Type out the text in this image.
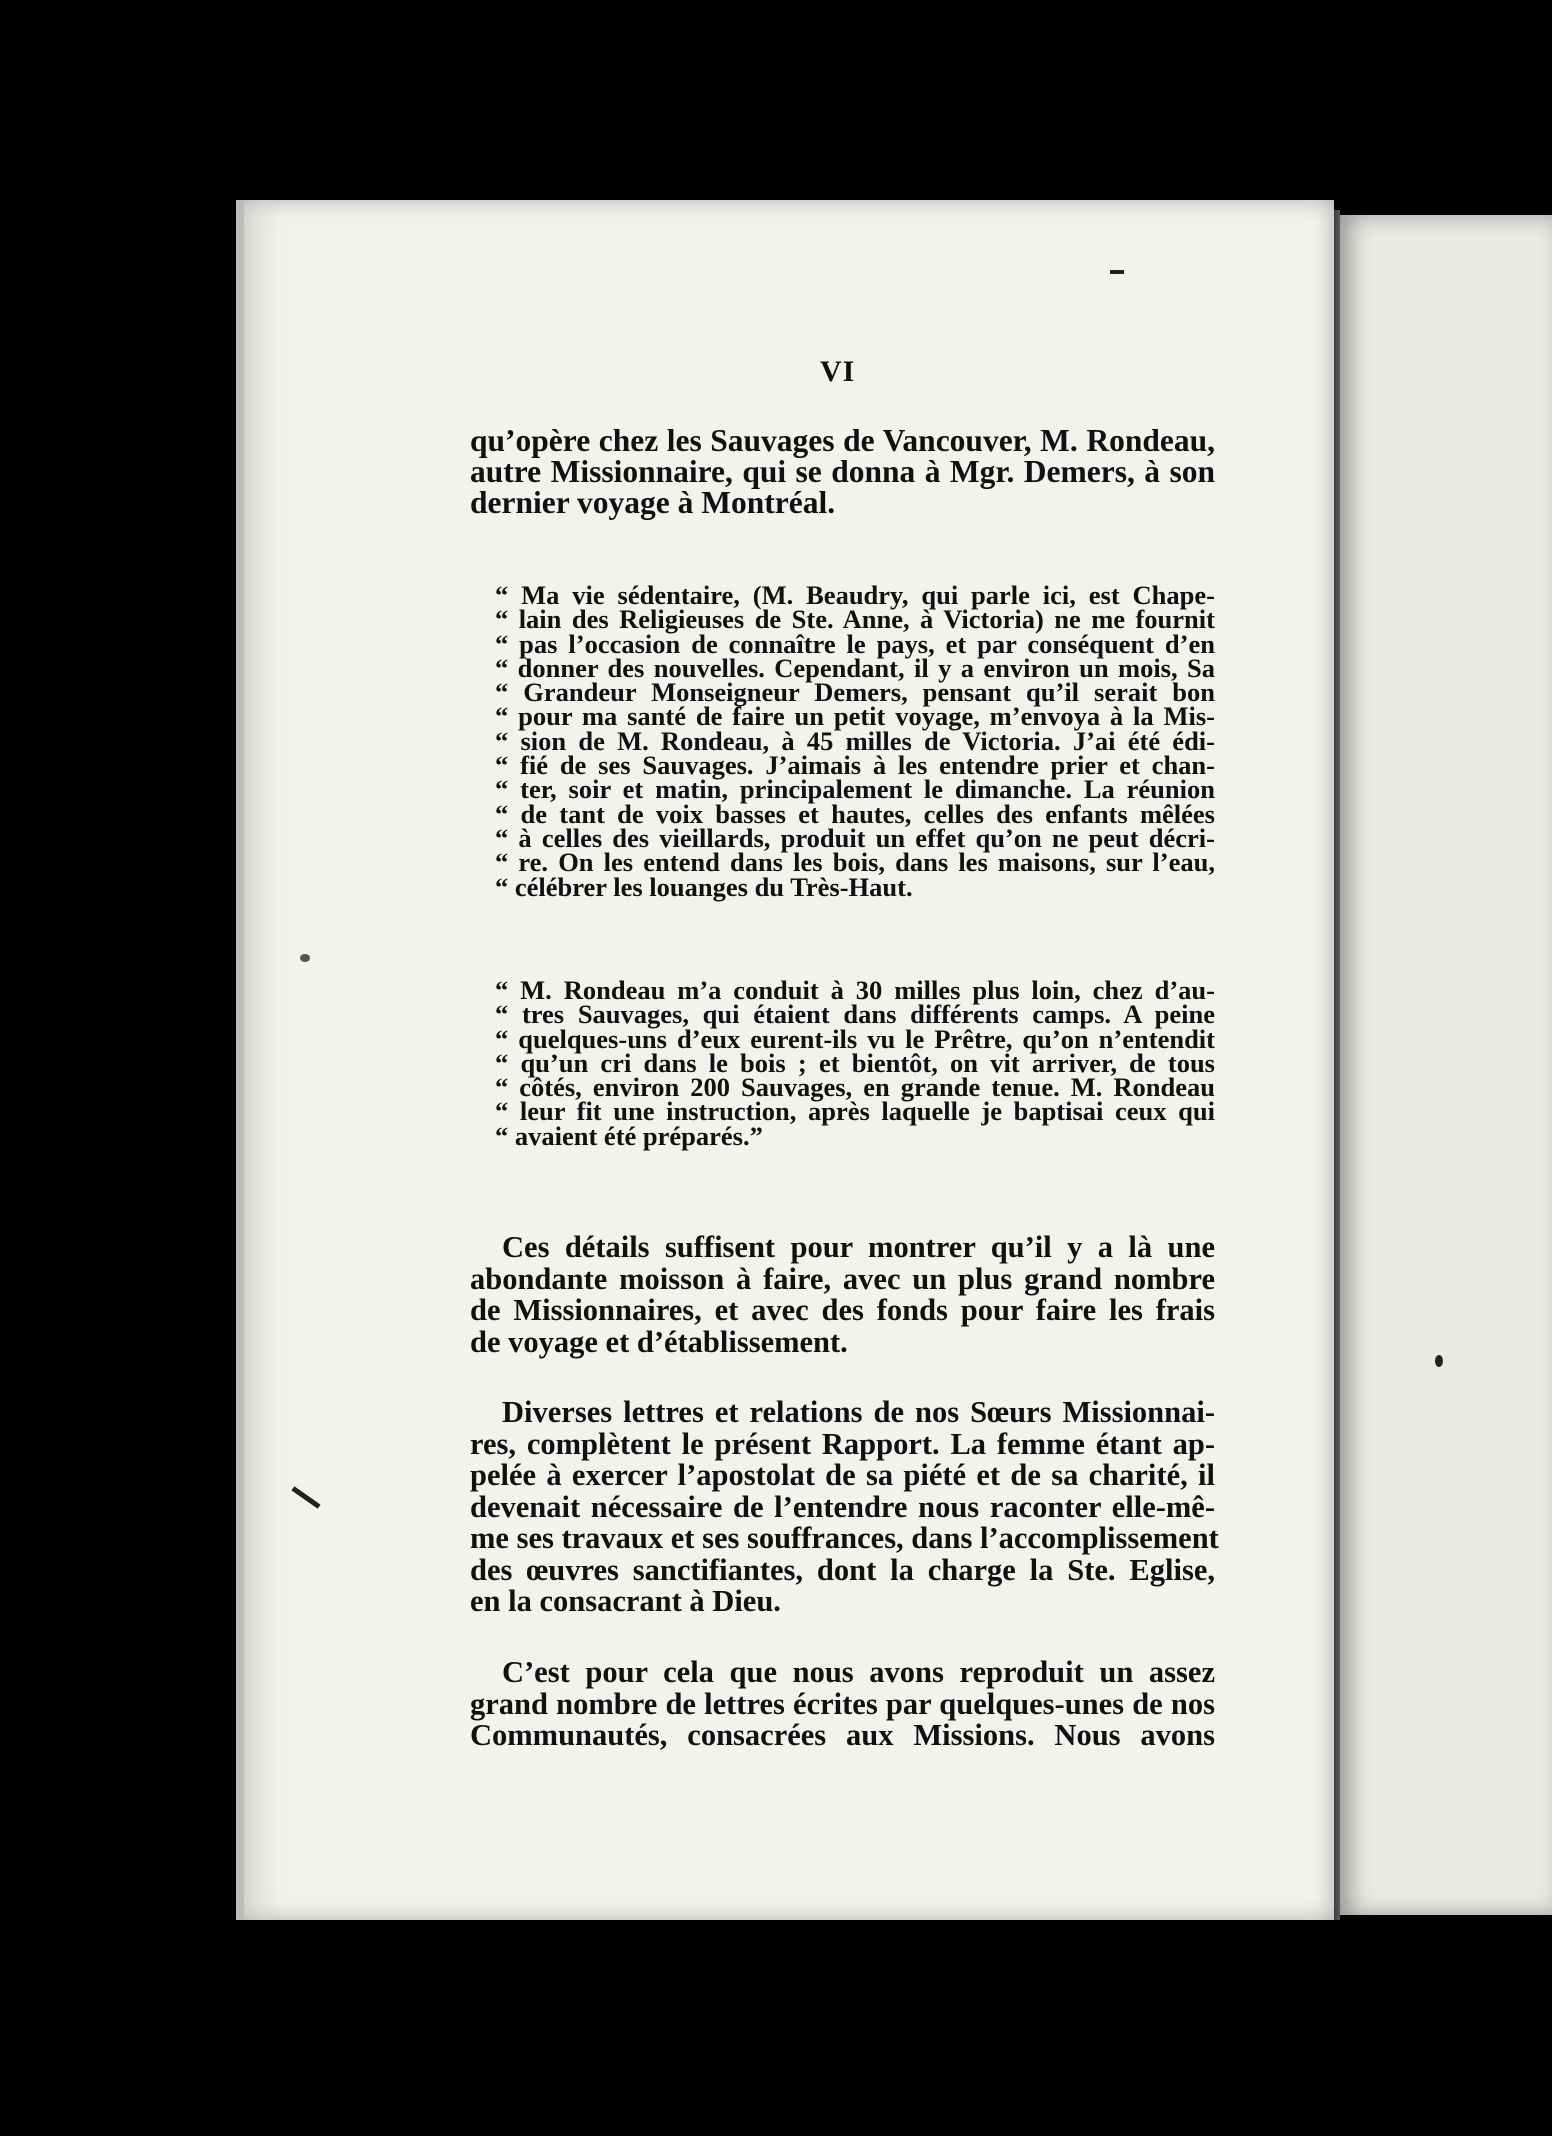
VI
qu’opère chez les Sauvages de Vancouver, M. Rondeau,
autre Missionnaire, qui se donna à Mgr. Demers, à son
dernier voyage à Montréal.
“ Ma vie sédentaire, (M. Beaudry, qui parle ici, est Chape-
“ lain des Religieuses de Ste. Anne, à Victoria) ne me fournit
“ pas l’occasion de connaître le pays, et par conséquent d’en
“ donner des nouvelles. Cependant, il y a environ un mois, Sa
“ Grandeur Monseigneur Demers, pensant qu’il serait bon
“ pour ma santé de faire un petit voyage, m’envoya à la Mis-
“ sion de M. Rondeau, à 45 milles de Victoria. J’ai été édi-
“ fié de ses Sauvages. J’aimais à les entendre prier et chan-
“ ter, soir et matin, principalement le dimanche. La réunion
“ de tant de voix basses et hautes, celles des enfants mêlées
“ à celles des vieillards, produit un effet qu’on ne peut décri-
“ re. On les entend dans les bois, dans les maisons, sur l’eau,
“ célébrer les louanges du Très-Haut.
“ M. Rondeau m’a conduit à 30 milles plus loin, chez d’au-
“ tres Sauvages, qui étaient dans différents camps. A peine
“ quelques-uns d’eux eurent-ils vu le Prêtre, qu’on n’entendit
“ qu’un cri dans le bois ; et bientôt, on vit arriver, de tous
“ côtés, environ 200 Sauvages, en grande tenue. M. Rondeau
“ leur fit une instruction, après laquelle je baptisai ceux qui
“ avaient été préparés.”
Ces détails suffisent pour montrer qu’il y a là une
abondante moisson à faire, avec un plus grand nombre
de Missionnaires, et avec des fonds pour faire les frais
de voyage et d’établissement.
Diverses lettres et relations de nos Sœurs Missionnai-
res, complètent le présent Rapport. La femme étant ap-
pelée à exercer l’apostolat de sa piété et de sa charité, il
devenait nécessaire de l’entendre nous raconter elle-mê-
me ses travaux et ses souffrances, dans l’accomplissement
des œuvres sanctifiantes, dont la charge la Ste. Eglise,
en la consacrant à Dieu.
C’est pour cela que nous avons reproduit un assez
grand nombre de lettres écrites par quelques-unes de nos
Communautés, consacrées aux Missions. Nous avons
